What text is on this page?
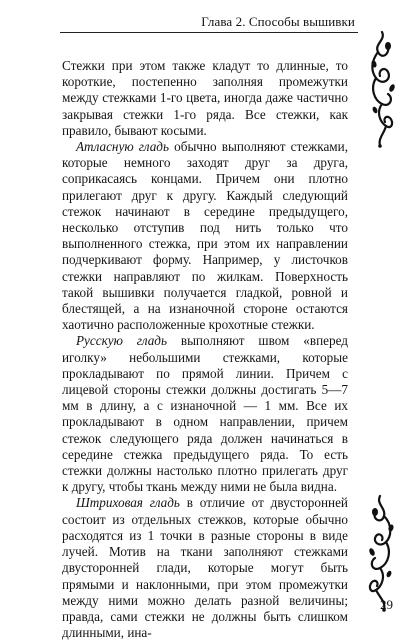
Глава 2. Способы вышивки

Стежки при этом также кладут то длинные, то короткие, постепенно заполняя промежутки между стежками 1-го цвета, иногда даже частично закрывая стежки 1-го ряда. Все стежки, как правило, бывают косыми.

Атласную гладь обычно выполняют стежками, которые немного заходят друг за друга, соприкасаясь концами. Причем они плотно прилегают друг к другу. Каждый следующий стежок начинают в середине предыдущего, несколько отступив под нить только что выполненного стежка, при этом их направлении подчеркивают форму. Например, у листочков стежки направляют по жилкам. Поверхность такой вышивки получается гладкой, ровной и блестящей, а на изнаночной стороне остаются хаотично расположенные крохотные стежки.

Русскую гладь выполняют швом «вперед иголку» небольшими стежками, которые прокладывают по прямой линии. Причем с лицевой стороны стежки должны достигать 5—7 мм в длину, а с изнаночной — 1 мм. Все их прокладывают в одном направлении, причем стежок следующего ряда должен начинаться в середине стежка предыдущего ряда. То есть стежки должны настолько плотно прилегать друг к другу, чтобы ткань между ними не была видна.

Штриховая гладь в отличие от двусторонней состоит из отдельных стежков, которые обычно расходятся из 1 точки в разные стороны в виде лучей. Мотив на ткани заполняют стежками двусторонней глади, которые могут быть прямыми и наклонными, при этом промежутки между ними можно делать разной величины; правда, сами стежки не должны быть слишком длинными, ина-

29
